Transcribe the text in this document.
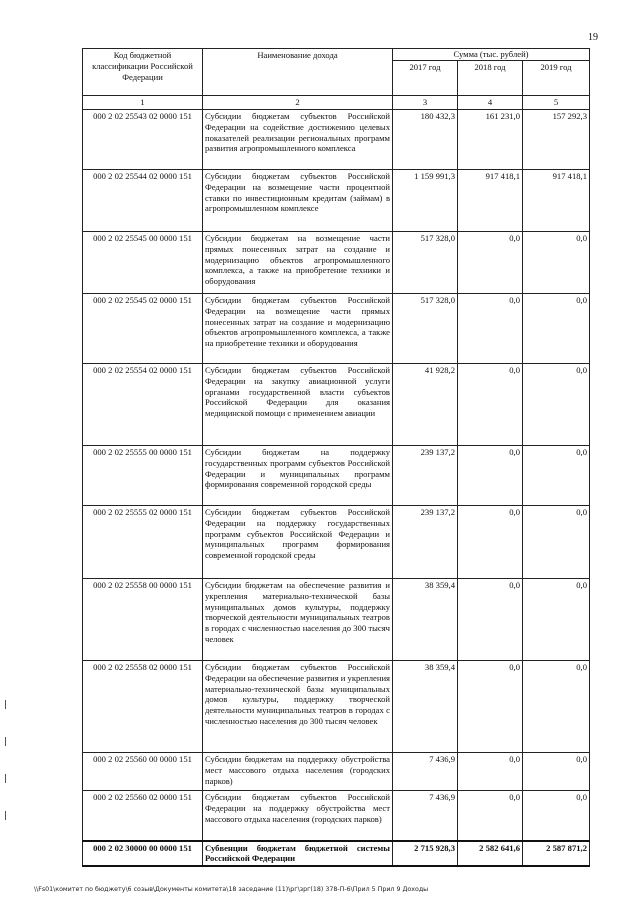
19
Код бюджетной классификации Российской Федерации	Наименование дохода	Сумма (тыс. рублей)		
		2017 год	2018 год	2019 год
1	2	3	4	5
000 2 02 25543 02 0000 151	Субсидии бюджетам субъектов Российской Федерации на содействие достижению целевых показателей реализации региональных программ развития агропромышленного комплекса	180 432,3	161 231,0	157 292,3
000 2 02 25544 02 0000 151	Субсидии бюджетам субъектов Российской Федерации на возмещение части процентной ставки по инвестиционным кредитам (займам) в агропромышленном комплексе	1 159 991,3	917 418,1	917 418,1
000 2 02 25545 00 0000 151	Субсидии бюджетам на возмещение части прямых понесенных затрат на создание и модернизацию объектов агропромышленного комплекса, а также на приобретение техники и оборудования	517 328,0	0,0	0,0
000 2 02 25545 02 0000 151	Субсидии бюджетам субъектов Российской Федерации на возмещение части прямых понесенных затрат на создание и модернизацию объектов агропромышленного комплекса, а также на приобретение техники и оборудования	517 328,0	0,0	0,0
000 2 02 25554 02 0000 151	Субсидии бюджетам субъектов Российской Федерации на закупку авиационной услуги органами государственной власти субъектов Российской Федерации для оказания медицинской помощи с применением авиации	41 928,2	0,0	0,0
000 2 02 25555 00 0000 151	Субсидии бюджетам на поддержку государственных программ субъектов Российской Федерации и муниципальных программ формирования современной городской среды	239 137,2	0,0	0,0
000 2 02 25555 02 0000 151	Субсидии бюджетам субъектов Российской Федерации на поддержку государственных программ субъектов Российской Федерации и муниципальных программ формирования современной городской среды	239 137,2	0,0	0,0
000 2 02 25558 00 0000 151	Субсидии бюджетам на обеспечение развития и укрепления материально-технической базы муниципальных домов культуры, поддержку творческой деятельности муниципальных театров в городах с численностью населения до 300 тысяч человек	38 359,4	0,0	0,0
000 2 02 25558 02 0000 151	Субсидии бюджетам субъектов Российской Федерации на обеспечение развития и укрепления материально-технической базы муниципальных домов культуры, поддержку творческой деятельности муниципальных театров в городах с численностью населения до 300 тысяч человек	38 359,4	0,0	0,0
000 2 02 25560 00 0000 151	Субсидии бюджетам на поддержку обустройства мест массового отдыха населения (городских парков)	7 436,9	0,0	0,0
000 2 02 25560 02 0000 151	Субсидии бюджетам субъектов Российской Федерации на поддержку обустройства мест массового отдыха населения (городских парков)	7 436,9	0,0	0,0
000 2 02 30000 00 0000 151	Субвенции бюджетам бюджетной системы Российской Федерации	2 715 928,3	2 582 641,6	2 587 871,2
\\Fs01\комитет по бюджету\6 созыв\Документы комитета\18 заседание (11)\рг\зрг(18) 378-П-6\Прил 5 Прил 9 Доходы
